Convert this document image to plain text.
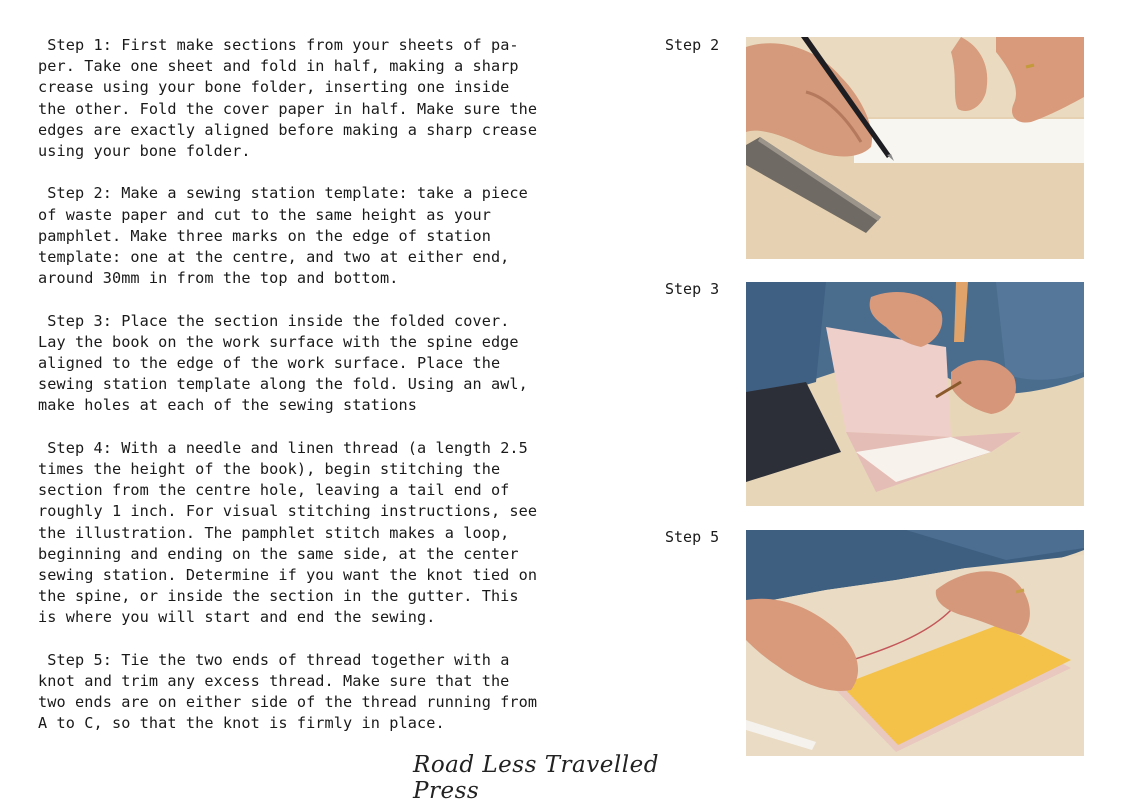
Step 1: First make sections from your sheets of pa-
per. Take one sheet and fold in half, making a sharp
crease using your bone folder, inserting one inside
the other. Fold the cover paper in half. Make sure the
edges are exactly aligned before making a sharp crease
using your bone folder.

Step 2: Make a sewing station template: take a piece
of waste paper and cut to the same height as your
pamphlet. Make three marks on the edge of station
template: one at the centre, and two at either end,
around 30mm in from the top and bottom.

Step 3: Place the section inside the folded cover.
Lay the book on the work surface with the spine edge
aligned to the edge of the work surface. Place the
sewing station template along the fold. Using an awl,
make holes at each of the sewing stations

Step 4: With a needle and linen thread (a length 2.5
times the height of the book), begin stitching the
section from the centre hole, leaving a tail end of
roughly 1 inch. For visual stitching instructions, see
the illustration. The pamphlet stitch makes a loop,
beginning and ending on the same side, at the center
sewing station. Determine if you want the knot tied on
the spine, or inside the section in the gutter. This
is where you will start and end the sewing.

Step 5: Tie the two ends of thread together with a
knot and trim any excess thread. Make sure that the
two ends are on either side of the thread running from
A to C, so that the knot is firmly in place.

Step 2
Step 3
Step 5
Road Less Travelled Press
